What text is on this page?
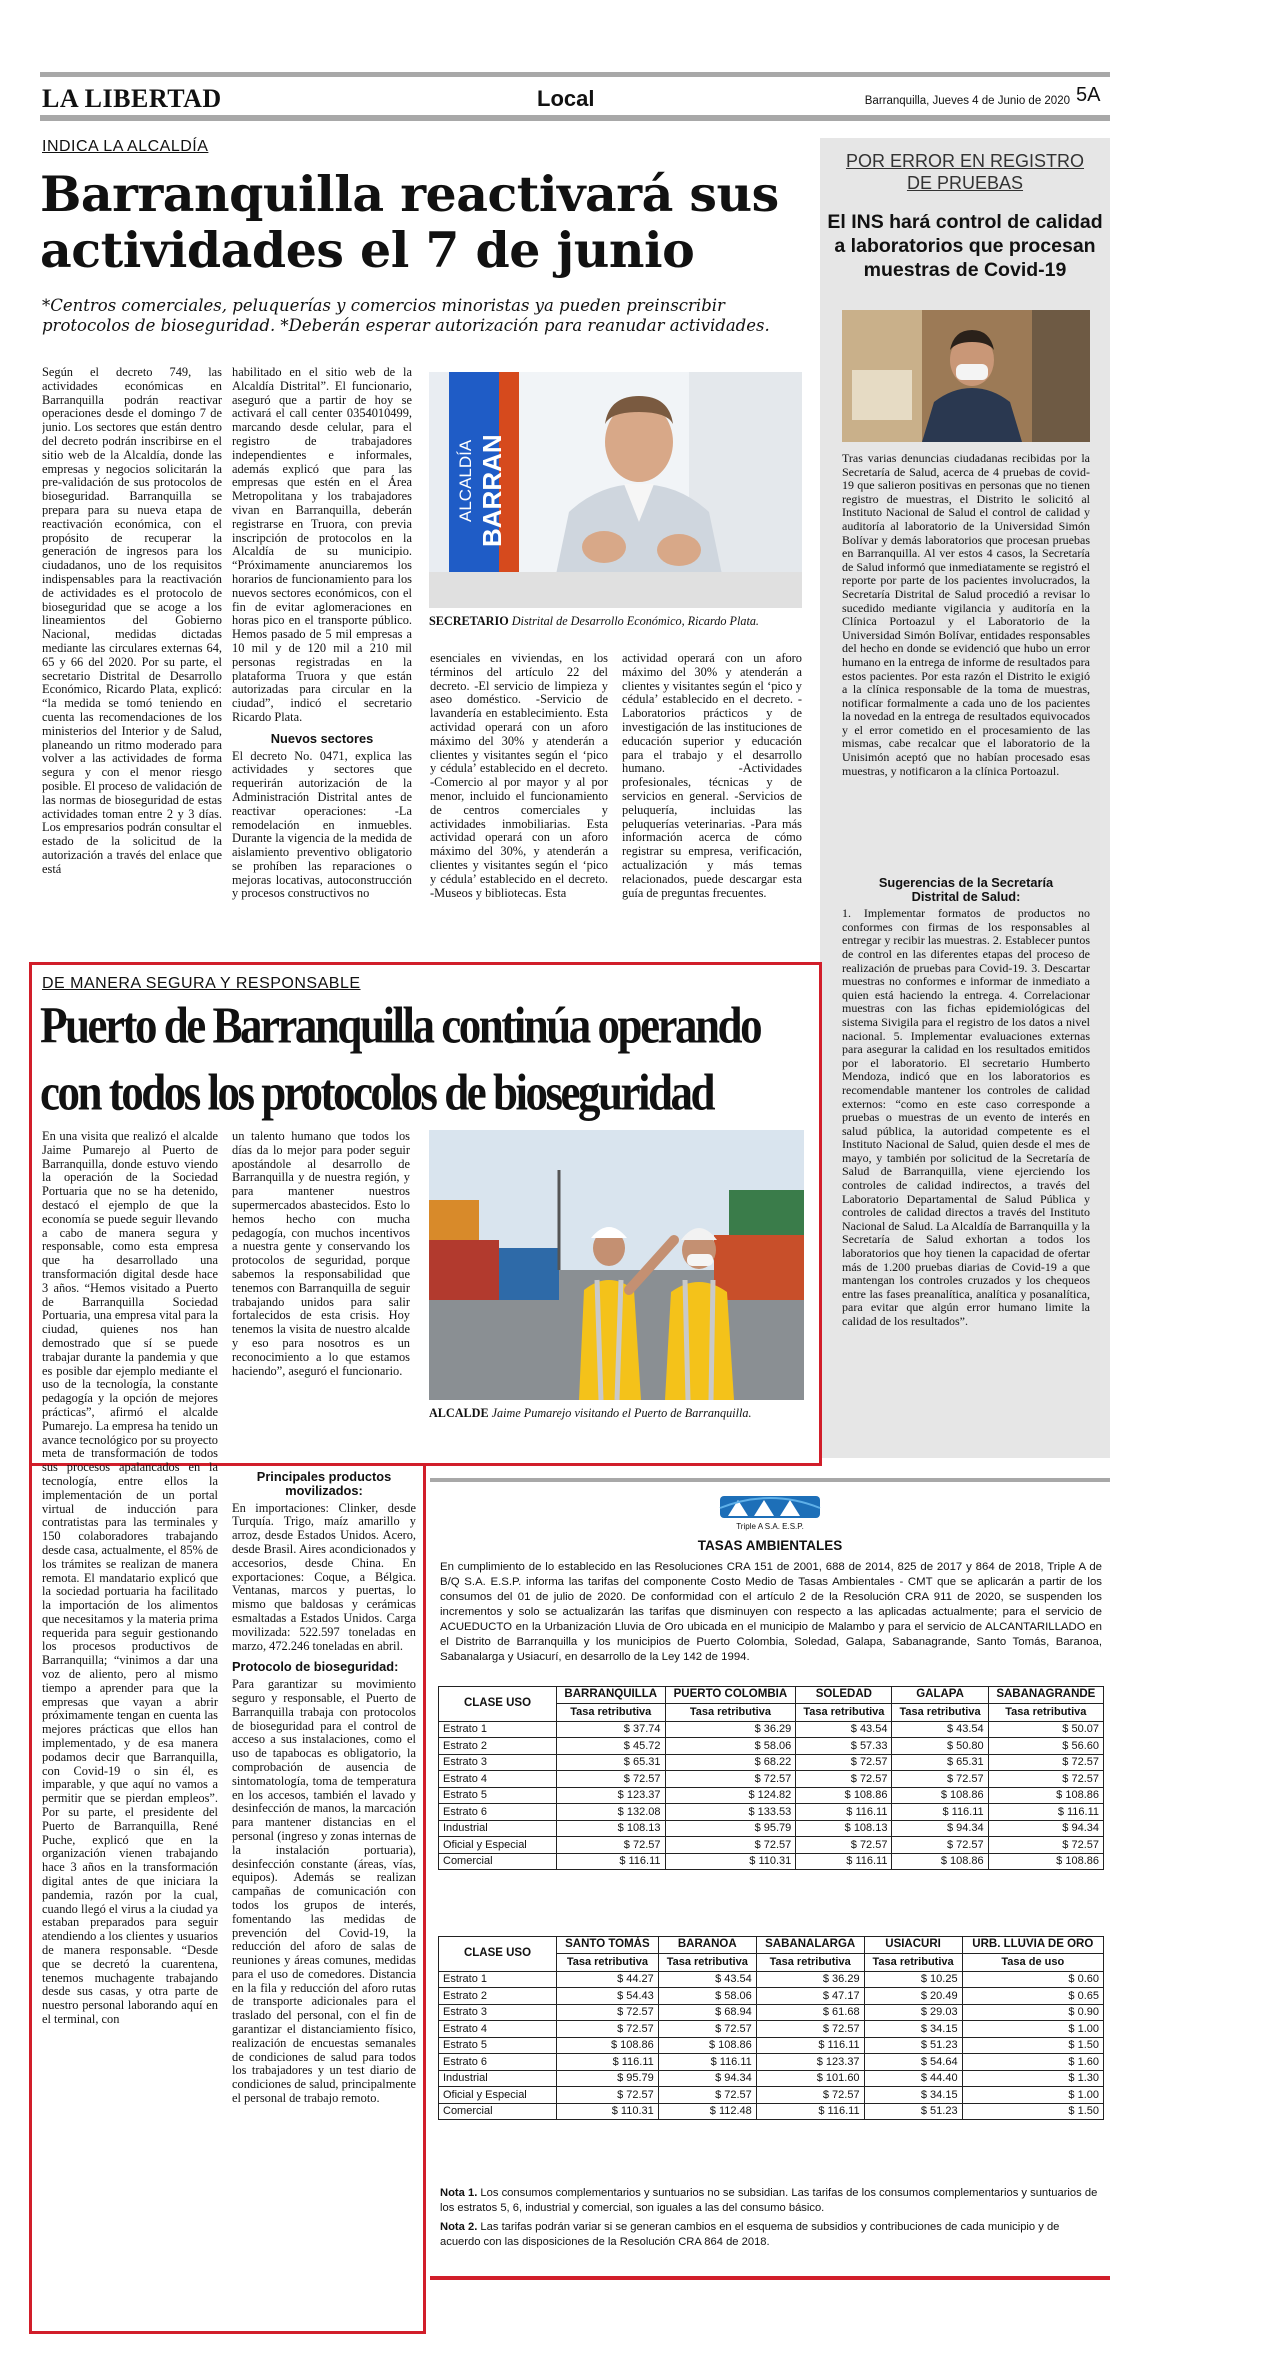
LA LIBERTAD	Local	Barranquilla, Jueves 4 de Junio de 2020 5A
INDICA LA ALCALDÍA
Barranquilla reactivará sus
actividades el 7 de junio
*Centros comerciales, peluquerías y comercios minoristas ya pueden preinscribir protocolos de bioseguridad. *Deberán esperar autorización para reanudar actividades.

Según el decreto 749, las actividades económicas en Barranquilla podrán reactivar operaciones desde el domingo 7 de junio. Los sectores que están dentro del decreto podrán inscribirse en el sitio web de la Alcaldía, donde las empresas y negocios solicitarán la pre-validación de sus protocolos de bioseguridad. Barranquilla se prepara para su nueva etapa de reactivación económica, con el propósito de recuperar la generación de ingresos para los ciudadanos, uno de los requisitos indispensables para la reactivación de actividades es el protocolo de bioseguridad que se acoge a los lineamientos del Gobierno Nacional, medidas dictadas mediante las circulares externas 64, 65 y 66 del 2020. Por su parte, el secretario Distrital de Desarrollo Económico, Ricardo Plata, explicó: “la medida se tomó teniendo en cuenta las recomendaciones de los ministerios del Interior y de Salud, planeando un ritmo moderado para volver a las actividades de forma segura y con el menor riesgo posible. El proceso de validación de las normas de bioseguridad de estas actividades toman entre 2 y 3 días. Los empresarios podrán consultar el estado de la solicitud de la autorización a través del enlace que está

habilitado en el sitio web de la Alcaldía Distrital”. El funcionario, aseguró que a partir de hoy se activará el call center 0354010499, marcando desde celular, para el registro de trabajadores independientes e informales, además explicó que para las empresas que estén en el Área Metropolitana y los trabajadores vivan en Barranquilla, deberán registrarse en Truora, con previa inscripción de protocolos en la Alcaldía de su municipio. “Próximamente anunciaremos los horarios de funcionamiento para los nuevos sectores económicos, con el fin de evitar aglomeraciones en horas pico en el transporte público. Hemos pasado de 5 mil empresas a 10 mil y de 120 mil a 210 mil personas registradas en la plataforma Truora y que están autorizadas para circular en la ciudad”, indicó el secretario Ricardo Plata.

Nuevos sectores

El decreto No. 0471, explica las actividades y sectores que requerirán autorización de la Administración Distrital antes de reactivar operaciones: -La remodelación en inmuebles. Durante la vigencia de la medida de aislamiento preventivo obligatorio se prohíben las reparaciones o mejoras locativas, autoconstrucción y procesos constructivos no

ALCALDÍA BARRAN
SECRETARIO Distrital de Desarrollo Económico, Ricardo Plata.

esenciales en viviendas, en los términos del artículo 22 del decreto. -El servicio de limpieza y aseo doméstico. -Servicio de lavandería en establecimiento. Esta actividad operará con un aforo máximo del 30% y atenderán a clientes y visitantes según el ‘pico y cédula’ establecido en el decreto. -Comercio al por mayor y al por menor, incluido el funcionamiento de centros comerciales y actividades inmobiliarias. Esta actividad operará con un aforo máximo del 30%, y atenderán a clientes y visitantes según el ‘pico y cédula’ establecido en el decreto. -Museos y bibliotecas. Esta

actividad operará con un aforo máximo del 30% y atenderán a clientes y visitantes según el ‘pico y cédula’ establecido en el decreto. -Laboratorios prácticos y de investigación de las instituciones de educación superior y educación para el trabajo y el desarrollo humano. -Actividades profesionales, técnicas y de servicios en general. -Servicios de peluquería, incluidas las peluquerías veterinarias. -Para más información acerca de cómo registrar su empresa, verificación, actualización y más temas relacionados, puede descargar esta guía de preguntas frecuentes.

POR ERROR EN REGISTRO
DE PRUEBAS
El INS hará control de calidad
a laboratorios que procesan
muestras de Covid-19

Tras varias denuncias ciudadanas recibidas por la Secretaría de Salud, acerca de 4 pruebas de covid-19 que salieron positivas en personas que no tienen registro de muestras, el Distrito le solicitó al Instituto Nacional de Salud el control de calidad y auditoría al laboratorio de la Universidad Simón Bolívar y demás laboratorios que procesan pruebas en Barranquilla. Al ver estos 4 casos, la Secretaría de Salud informó que inmediatamente se registró el reporte por parte de los pacientes involucrados, la Secretaría Distrital de Salud procedió a revisar lo sucedido mediante vigilancia y auditoría en la Clínica Portoazul y el Laboratorio de la Universidad Simón Bolívar, entidades responsables del hecho en donde se evidenció que hubo un error humano en la entrega de informe de resultados para estos pacientes. Por esta razón el Distrito le exigió a la clínica responsable de la toma de muestras, notificar formalmente a cada uno de los pacientes la novedad en la entrega de resultados equivocados y el error cometido en el procesamiento de las mismas, cabe recalcar que el laboratorio de la Unisimón aceptó que no habían procesado esas muestras, y notificaron a la clínica Portoazul.

Sugerencias de la Secretaría Distrital de Salud:

1. Implementar formatos de productos no conformes con firmas de los responsables al entregar y recibir las muestras. 2. Establecer puntos de control en las diferentes etapas del proceso de realización de pruebas para Covid-19. 3. Descartar muestras no conformes e informar de inmediato a quien está haciendo la entrega. 4. Correlacionar muestras con las fichas epidemiológicas del sistema Sivigila para el registro de los datos a nivel nacional. 5. Implementar evaluaciones externas para asegurar la calidad en los resultados emitidos por el laboratorio. El secretario Humberto Mendoza, indicó que en los laboratorios es recomendable mantener los controles de calidad externos: “como en este caso corresponde a pruebas o muestras de un evento de interés en salud pública, la autoridad competente es el Instituto Nacional de Salud, quien desde el mes de mayo, y también por solicitud de la Secretaría de Salud de Barranquilla, viene ejerciendo los controles de calidad indirectos, a través del Laboratorio Departamental de Salud Pública y controles de calidad directos a través del Instituto Nacional de Salud. La Alcaldía de Barranquilla y la Secretaría de Salud exhortan a todos los laboratorios que hoy tienen la capacidad de ofertar más de 1.200 pruebas diarias de Covid-19 a que mantengan los controles cruzados y los chequeos entre las fases preanalítica, analítica y posanalítica, para evitar que algún error humano limite la calidad de los resultados”.

DE MANERA SEGURA Y RESPONSABLE
Puerto de Barranquilla continúa operando
con todos los protocolos de bioseguridad

En una visita que realizó el alcalde Jaime Pumarejo al Puerto de Barranquilla, donde estuvo viendo la operación de la Sociedad Portuaria que no se ha detenido, destacó el ejemplo de que la economía se puede seguir llevando a cabo de manera segura y responsable, como esta empresa que ha desarrollado una transformación digital desde hace 3 años. “Hemos visitado a Puerto de Barranquilla Sociedad Portuaria, una empresa vital para la ciudad, quienes nos han demostrado que sí se puede trabajar durante la pandemia y que es posible dar ejemplo mediante el uso de la tecnología, la constante pedagogía y la opción de mejores prácticas”, afirmó el alcalde Pumarejo. La empresa ha tenido un avance tecnológico por su proyecto meta de transformación de todos sus procesos apalancados en la tecnología, entre ellos la implementación de un portal virtual de inducción para contratistas para las terminales y 150 colaboradores trabajando desde casa, actualmente, el 85% de los trámites se realizan de manera remota. El mandatario explicó que la sociedad portuaria ha facilitado la importación de los alimentos que necesitamos y la materia prima requerida para seguir gestionando los procesos productivos de Barranquilla; “vinimos a dar una voz de aliento, pero al mismo tiempo a aprender para que la empresas que vayan a abrir próximamente tengan en cuenta las mejores prácticas que ellos han implementado, y de esa manera podamos decir que Barranquilla, con Covid-19 o sin él, es imparable, y que aquí no vamos a permitir que se pierdan empleos”. Por su parte, el presidente del Puerto de Barranquilla, René Puche, explicó que en la organización vienen trabajando hace 3 años en la transformación digital antes de que iniciara la pandemia, razón por la cual, cuando llegó el virus a la ciudad ya estaban preparados para seguir atendiendo a los clientes y usuarios de manera responsable. “Desde que se decretó la cuarentena, tenemos muchagente trabajando desde sus casas, y otra parte de nuestro personal laborando aquí en el terminal, con

un talento humano que todos los días da lo mejor para poder seguir apostándole al desarrollo de Barranquilla y de nuestra región, y para mantener nuestros supermercados abastecidos. Esto lo hemos hecho con mucha pedagogía, con muchos incentivos a nuestra gente y conservando los protocolos de seguridad, porque sabemos la responsabilidad que tenemos con Barranquilla de seguir trabajando unidos para salir fortalecidos de esta crisis. Hoy tenemos la visita de nuestro alcalde y eso para nosotros es un reconocimiento a lo que estamos haciendo”, aseguró el funcionario.

Principales productos movilizados:

En importaciones: Clinker, desde Turquía. Trigo, maíz amarillo y arroz, desde Estados Unidos. Acero, desde Brasil. Aires acondicionados y accesorios, desde China. En exportaciones: Coque, a Bélgica. Ventanas, marcos y puertas, lo mismo que baldosas y cerámicas esmaltadas a Estados Unidos. Carga movilizada: 522.597 toneladas en marzo, 472.246 toneladas en abril.

Protocolo de bioseguridad:

Para garantizar su movimiento seguro y responsable, el Puerto de Barranquilla trabaja con protocolos de bioseguridad para el control de acceso a sus instalaciones, como el uso de tapabocas es obligatorio, la comprobación de ausencia de sintomatología, toma de temperatura en los accesos, también el lavado y desinfección de manos, la marcación para mantener distancias en el personal (ingreso y zonas internas de la instalación portuaria), desinfección constante (áreas, vías, equipos). Además se realizan campañas de comunicación con todos los grupos de interés, fomentando las medidas de prevención del Covid-19, la reducción del aforo de salas de reuniones y áreas comunes, medidas para el uso de comedores. Distancia en la fila y reducción del aforo rutas de transporte adicionales para el traslado del personal, con el fin de garantizar el distanciamiento físico, realización de encuestas semanales de condiciones de salud para todos los trabajadores y un test diario de condiciones de salud, principalmente el personal de trabajo remoto.

ALCALDE Jaime Pumarejo visitando el Puerto de Barranquilla.
Triple A S.A. E.S.P.
TASAS AMBIENTALES
En cumplimiento de lo establecido en las Resoluciones CRA 151 de 2001, 688 de 2014, 825 de 2017 y 864 de 2018, Triple A de B/Q S.A. E.S.P. informa las tarifas del componente Costo Medio de Tasas Ambientales - CMT que se aplicarán a partir de los consumos del 01 de julio de 2020. De conformidad con el artículo 2 de la Resolución CRA 911 de 2020, se suspenden los incrementos y solo se actualizarán las tarifas que disminuyen con respecto a las aplicadas actualmente; para el servicio de ACUEDUCTO en la Urbanización Lluvia de Oro ubicada en el municipio de Malambo y para el servicio de ALCANTARILLADO en el Distrito de Barranquilla y los municipios de Puerto Colombia, Soledad, Galapa, Sabanagrande, Santo Tomás, Baranoa, Sabanalarga y Usiacurí, en desarrollo de la Ley 142 de 1994.
CLASE USO	BARRANQUILLA	PUERTO COLOMBIA	SOLEDAD	GALAPA	SABANAGRANDE
	Tasa retributiva	Tasa retributiva	Tasa retributiva	Tasa retributiva	Tasa retributiva
Estrato 1	$ 37.74	$ 36.29	$ 43.54	$ 43.54	$ 50.07
Estrato 2	$ 45.72	$ 58.06	$ 57.33	$ 50.80	$ 56.60
Estrato 3	$ 65.31	$ 68.22	$ 72.57	$ 65.31	$ 72.57
Estrato 4	$ 72.57	$ 72.57	$ 72.57	$ 72.57	$ 72.57
Estrato 5	$ 123.37	$ 124.82	$ 108.86	$ 108.86	$ 108.86
Estrato 6	$ 132.08	$ 133.53	$ 116.11	$ 116.11	$ 116.11
Industrial	$ 108.13	$ 95.79	$ 108.13	$ 94.34	$ 94.34
Oficial y Especial	$ 72.57	$ 72.57	$ 72.57	$ 72.57	$ 72.57
Comercial	$ 116.11	$ 110.31	$ 116.11	$ 108.86	$ 108.86
CLASE USO	SANTO TOMÁS	BARANOA	SABANALARGA	USIACURI	URB. LLUVIA DE ORO
	Tasa retributiva	Tasa retributiva	Tasa retributiva	Tasa retributiva	Tasa de uso
Estrato 1	$ 44.27	$ 43.54	$ 36.29	$ 10.25	$ 0.60
Estrato 2	$ 54.43	$ 58.06	$ 47.17	$ 20.49	$ 0.65
Estrato 3	$ 72.57	$ 68.94	$ 61.68	$ 29.03	$ 0.90
Estrato 4	$ 72.57	$ 72.57	$ 72.57	$ 34.15	$ 1.00
Estrato 5	$ 108.86	$ 108.86	$ 116.11	$ 51.23	$ 1.50
Estrato 6	$ 116.11	$ 116.11	$ 123.37	$ 54.64	$ 1.60
Industrial	$ 95.79	$ 94.34	$ 101.60	$ 44.40	$ 1.30
Oficial y Especial	$ 72.57	$ 72.57	$ 72.57	$ 34.15	$ 1.00
Comercial	$ 110.31	$ 112.48	$ 116.11	$ 51.23	$ 1.50
Nota 1. Los consumos complementarios y suntuarios no se subsidian. Las tarifas de los consumos complementarios y suntuarios de los estratos 5, 6, industrial y comercial, son iguales a las del consumo básico.
Nota 2. Las tarifas podrán variar si se generan cambios en el esquema de subsidios y contribuciones de cada municipio y de acuerdo con las disposiciones de la Resolución CRA 864 de 2018.
